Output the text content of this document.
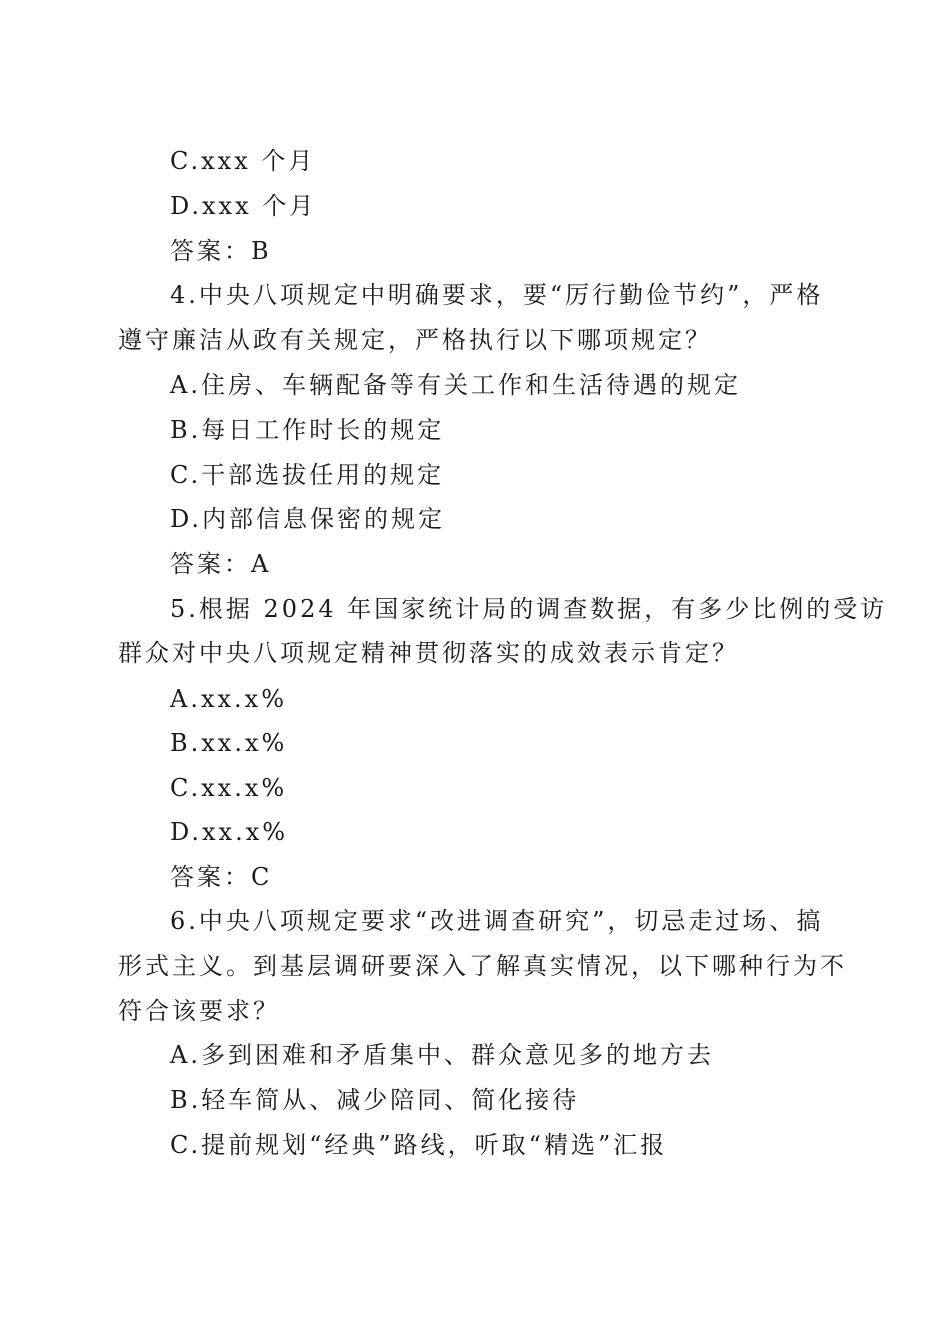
C.xxx 个月
D.xxx 个月
答案：B
4.中央八项规定中明确要求，要“厉行勤俭节约”，严格
遵守廉洁从政有关规定，严格执行以下哪项规定？
A.住房、车辆配备等有关工作和生活待遇的规定
B.每日工作时长的规定
C.干部选拔任用的规定
D.内部信息保密的规定
答案：A
5.根据 2024 年国家统计局的调查数据，有多少比例的受访
群众对中央八项规定精神贯彻落实的成效表示肯定？
A.xx.x%
B.xx.x%
C.xx.x%
D.xx.x%
答案：C
6.中央八项规定要求“改进调查研究”，切忌走过场、搞
形式主义。到基层调研要深入了解真实情况，以下哪种行为不
符合该要求？
A.多到困难和矛盾集中、群众意见多的地方去
B.轻车简从、减少陪同、简化接待
C.提前规划“经典”路线，听取“精选”汇报
